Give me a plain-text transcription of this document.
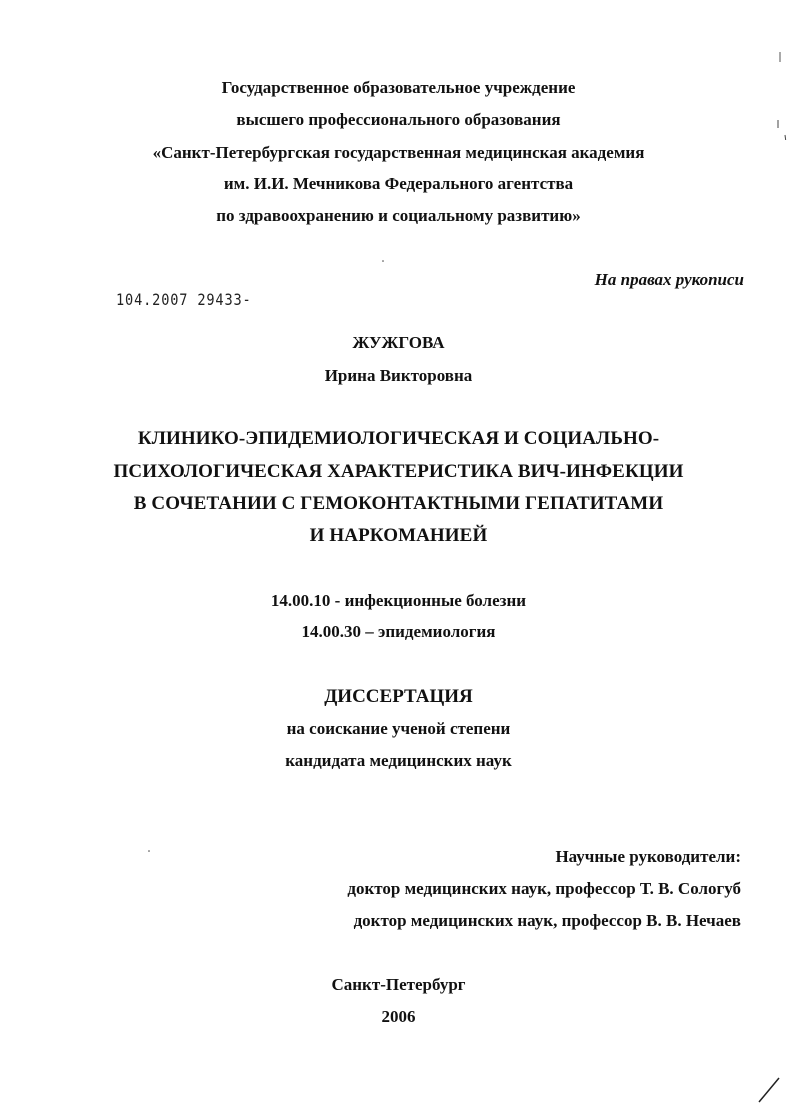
Государственное образовательное учреждение
высшего профессионального образования
«Санкт-Петербургская государственная медицинская академия
им. И.И. Мечникова Федерального агентства
по здравоохранению и социальному развитию»
На правах рукописи
104.2007 29433-
ЖУЖГОВА
Ирина Викторовна
КЛИНИКО-ЭПИДЕМИОЛОГИЧЕСКАЯ И СОЦИАЛЬНО-
ПСИХОЛОГИЧЕСКАЯ ХАРАКТЕРИСТИКА ВИЧ-ИНФЕКЦИИ
В СОЧЕТАНИИ С ГЕМОКОНТАКТНЫМИ ГЕПАТИТАМИ
И НАРКОМАНИЕЙ
14.00.10 - инфекционные болезни
14.00.30 – эпидемиология
ДИССЕРТАЦИЯ
на соискание ученой степени
кандидата медицинских наук
Научные руководители:
доктор медицинских наук, профессор Т. В. Сологуб
доктор медицинских наук, профессор В. В. Нечаев
Санкт-Петербург
2006
